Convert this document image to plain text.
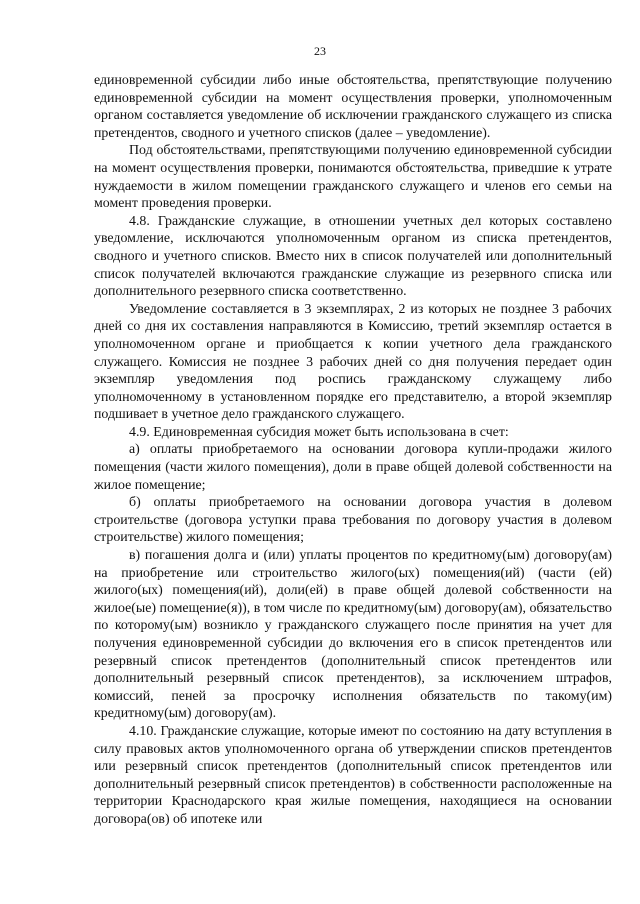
23

единовременной субсидии либо иные обстоятельства, препятствующие получению единовременной субсидии на момент осуществления проверки, уполномоченным органом составляется уведомление об исключении гражданского служащего из списка претендентов, сводного и учетного списков (далее – уведомление).

Под обстоятельствами, препятствующими получению единовременной субсидии на момент осуществления проверки, понимаются обстоятельства, приведшие к утрате нуждаемости в жилом помещении гражданского служащего и членов его семьи на момент проведения проверки.

4.8. Гражданские служащие, в отношении учетных дел которых составлено уведомление, исключаются уполномоченным органом из списка претендентов, сводного и учетного списков. Вместо них в список получателей или дополнительный список получателей включаются гражданские служащие из резервного списка или дополнительного резервного списка соответственно.

Уведомление составляется в 3 экземплярах, 2 из которых не позднее 3 рабочих дней со дня их составления направляются в Комиссию, третий экземпляр остается в уполномоченном органе и приобщается к копии учетного дела гражданского служащего. Комиссия не позднее 3 рабочих дней со дня получения передает один экземпляр уведомления под роспись гражданскому служащему либо уполномоченному в установленном порядке его представителю, а второй экземпляр подшивает в учетное дело гражданского служащего.

4.9. Единовременная субсидия может быть использована в счет:

а) оплаты приобретаемого на основании договора купли-продажи жилого помещения (части жилого помещения), доли в праве общей долевой собственности на жилое помещение;

б) оплаты приобретаемого на основании договора участия в долевом строительстве (договора уступки права требования по договору участия в долевом строительстве) жилого помещения;

в) погашения долга и (или) уплаты процентов по кредитному(ым) договору(ам) на приобретение или строительство жилого(ых) помещения(ий) (части (ей) жилого(ых) помещения(ий), доли(ей) в праве общей долевой собственности на жилое(ые) помещение(я)), в том числе по кредитному(ым) договору(ам), обязательство по которому(ым) возникло у гражданского служащего после принятия на учет для получения единовременной субсидии до включения его в список претендентов или резервный список претендентов (дополнительный список претендентов или дополнительный резервный список претендентов), за исключением штрафов, комиссий, пеней за просрочку исполнения обязательств по такому(им) кредитному(ым) договору(ам).

4.10. Гражданские служащие, которые имеют по состоянию на дату вступления в силу правовых актов уполномоченного органа об утверждении списков претендентов или резервный список претендентов (дополнительный список претендентов или дополнительный резервный список претендентов) в собственности расположенные на территории Краснодарского края жилые помещения, находящиеся на основании договора(ов) об ипотеке или
